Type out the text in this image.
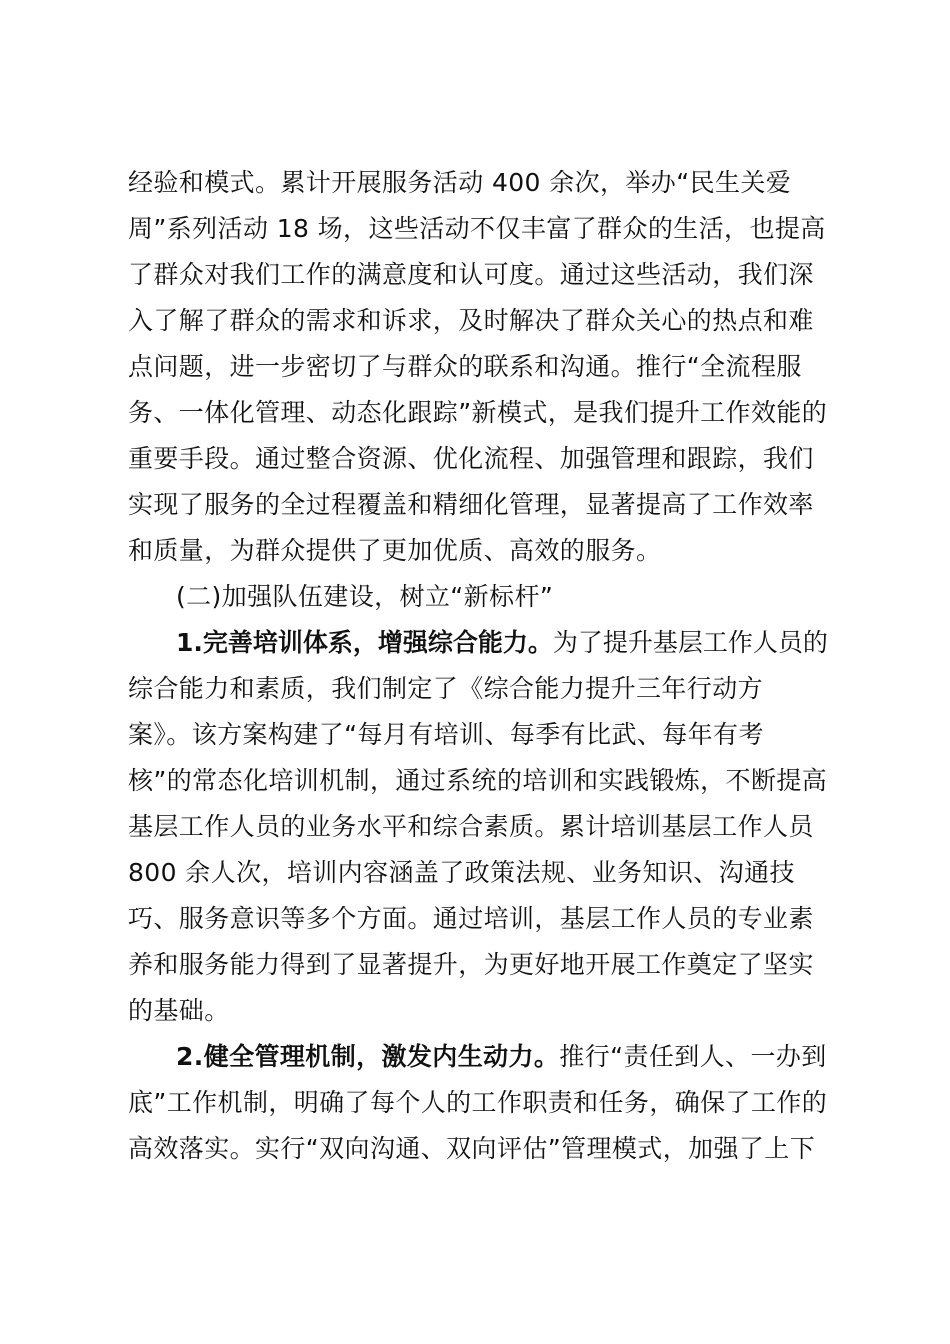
经验和模式。累计开展服务活动 400 余次，举办“民生关爱
周”系列活动 18 场，这些活动不仅丰富了群众的生活，也提高
了群众对我们工作的满意度和认可度。通过这些活动，我们深
入了解了群众的需求和诉求，及时解决了群众关心的热点和难
点问题，进一步密切了与群众的联系和沟通。推行“全流程服
务、一体化管理、动态化跟踪”新模式，是我们提升工作效能的
重要手段。通过整合资源、优化流程、加强管理和跟踪，我们
实现了服务的全过程覆盖和精细化管理，显著提高了工作效率
和质量，为群众提供了更加优质、高效的服务。
(二)加强队伍建设，树立“新标杆”
1.完善培训体系，增强综合能力。为了提升基层工作人员的
综合能力和素质，我们制定了《综合能力提升三年行动方
案》。该方案构建了“每月有培训、每季有比武、每年有考
核”的常态化培训机制，通过系统的培训和实践锻炼，不断提高
基层工作人员的业务水平和综合素质。累计培训基层工作人员
800 余人次，培训内容涵盖了政策法规、业务知识、沟通技
巧、服务意识等多个方面。通过培训，基层工作人员的专业素
养和服务能力得到了显著提升，为更好地开展工作奠定了坚实
的基础。
2.健全管理机制，激发内生动力。推行“责任到人、一办到
底”工作机制，明确了每个人的工作职责和任务，确保了工作的
高效落实。实行“双向沟通、双向评估”管理模式，加强了上下
